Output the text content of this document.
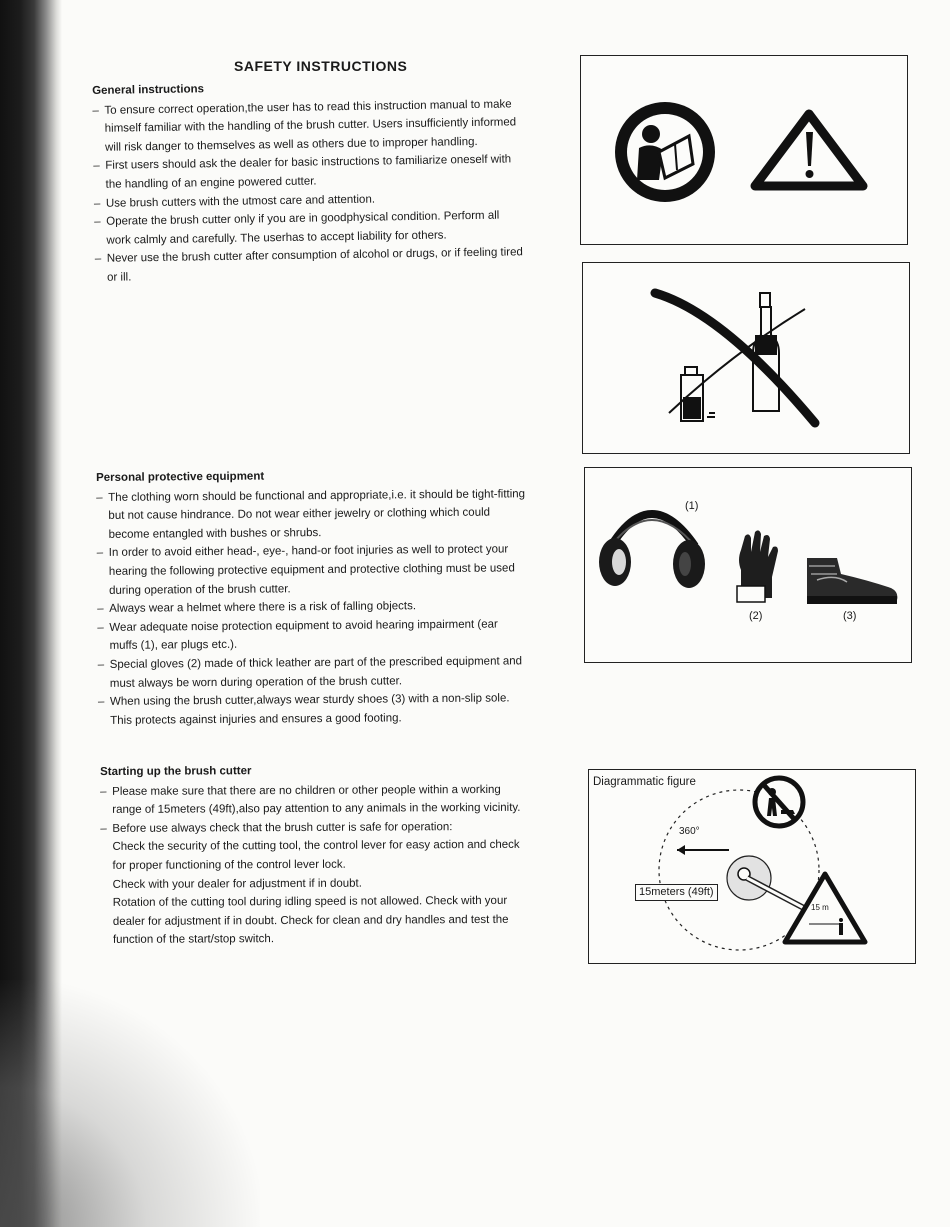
SAFETY INSTRUCTIONS
General instructions
– To ensure correct operation,the user has to read this instruction manual to make
himself familiar with the handling of the brush cutter. Users insufficiently informed
will risk danger to themselves as well as others due to improper handling.
– First users should ask the dealer for basic instructions to familiarize oneself with
the handling of an engine powered cutter.
– Use brush cutters with the utmost care and attention.
– Operate the brush cutter only if you are in goodphysical condition. Perform all
work calmly and carefully. The userhas to accept liability for others.
– Never use the brush cutter after consumption of alcohol or drugs, or if feeling tired
or ill.
Personal protective equipment
– The clothing worn should be functional and appropriate,i.e. it should be tight-fitting
but not cause hindrance. Do not wear either jewelry or clothing which could
become entangled with bushes or shrubs.
– In order to avoid either head-, eye-, hand-or foot injuries as well to protect your
hearing the following protective equipment and protective clothing must be used
during operation of the brush cutter.
– Always wear a helmet where there is a risk of falling objects.
– Wear adequate noise protection equipment to avoid hearing impairment (ear
muffs (1), ear plugs etc.).
– Special gloves (2) made of thick leather are part of the prescribed equipment and
must always be worn during operation of the brush cutter.
– When using the brush cutter,always wear sturdy shoes (3) with a non-slip sole.
This protects against injuries and ensures a good footing.
Starting up the brush cutter
– Please make sure that there are no children or other people within a working
range of 15meters (49ft),also pay attention to any animals in the working vicinity.
– Before use always check that the brush cutter is safe for operation:
Check the security of the cutting tool, the control lever for easy action and check
for proper functioning of the control lever lock.
Check with your dealer for adjustment if in doubt.
Rotation of the cutting tool during idling speed is not allowed. Check with your
dealer for adjustment if in doubt. Check for clean and dry handles and test the
function of the start/stop switch.
(1)
(2)	(3)
Diagrammatic figure
360°
15meters (49ft)
15 m
